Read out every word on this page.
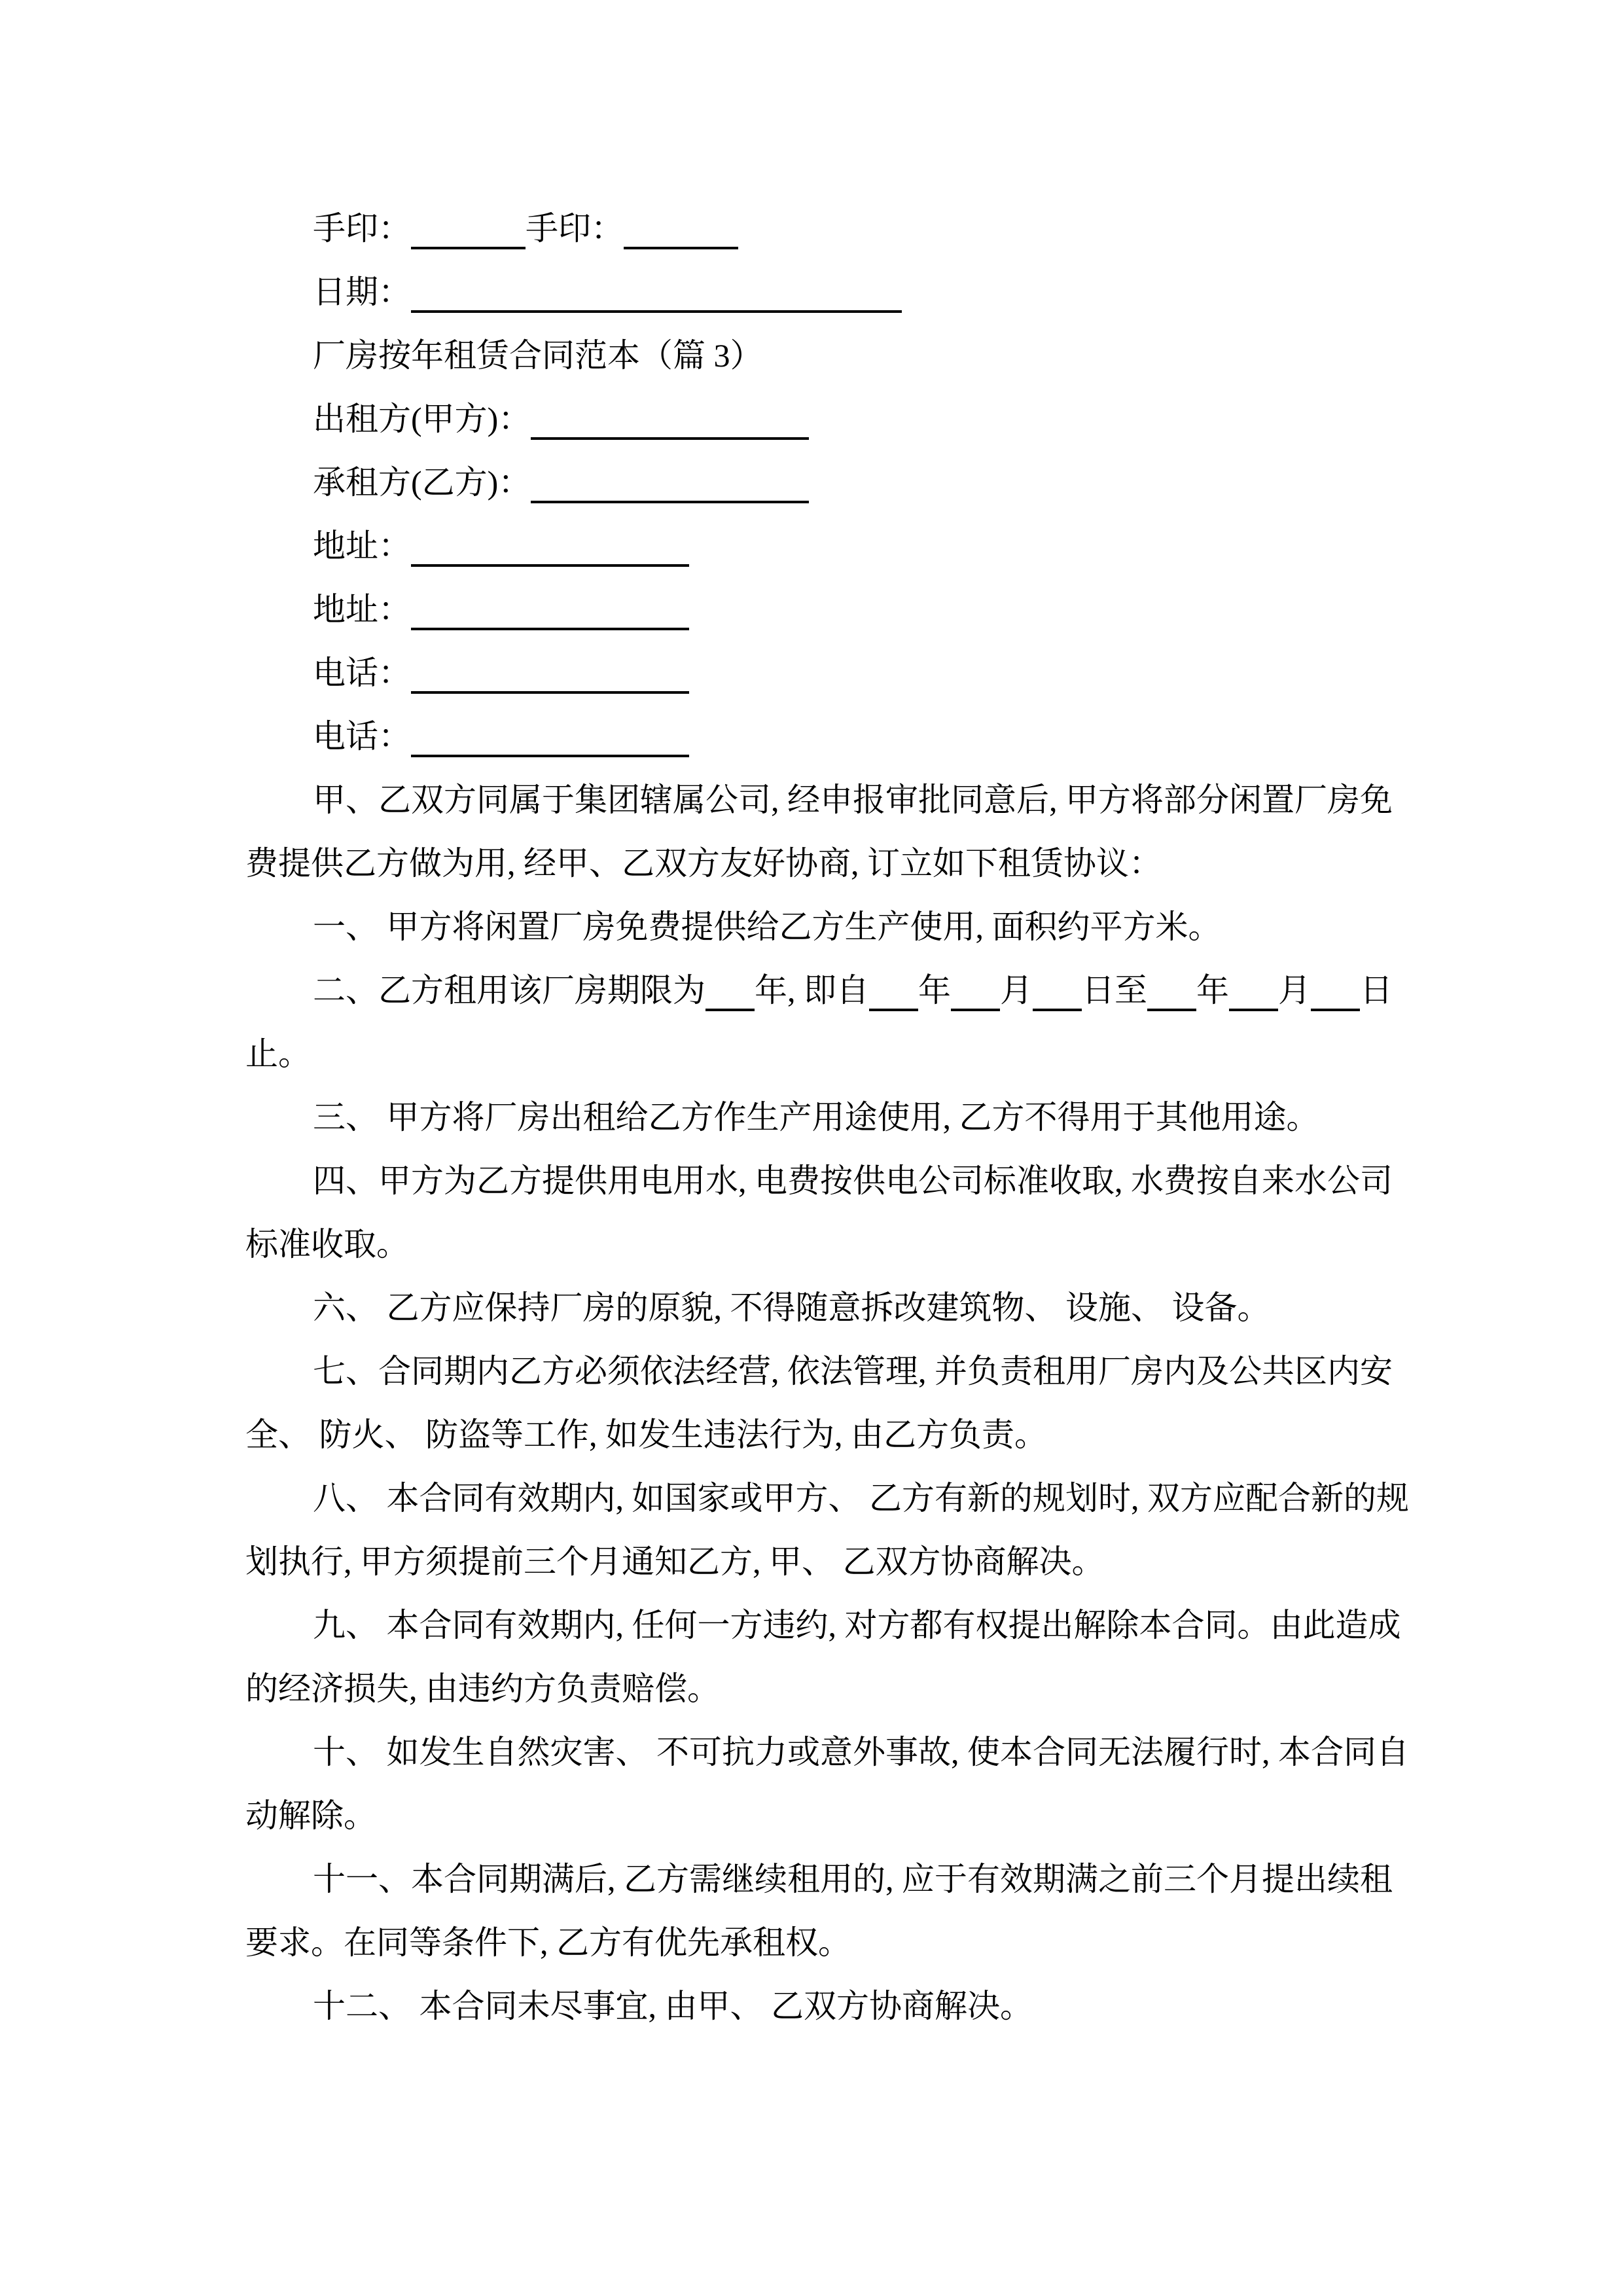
手印：	手印：
日期：
厂房按年租赁合同范本（篇 3）
出租方(甲方)：
承租方(乙方)：
地址：
地址：
电话：
电话：
甲、乙双方同属于集团辖属公司, 经申报审批同意后, 甲方将部分闲置厂房免
费提供乙方做为用, 经甲、乙双方友好协商, 订立如下租赁协议：
一、 甲方将闲置厂房免费提供给乙方生产使用, 面积约平方米。
二、乙方租用该厂房期限为 年, 即自 年 月 日至 年 月 日
止。
三、 甲方将厂房出租给乙方作生产用途使用, 乙方不得用于其他用途。
四、甲方为乙方提供用电用水, 电费按供电公司标准收取, 水费按自来水公司
标准收取。
六、 乙方应保持厂房的原貌, 不得随意拆改建筑物、 设施、 设备。
七、合同期内乙方必须依法经营, 依法管理, 并负责租用厂房内及公共区内安
全、 防火、 防盗等工作, 如发生违法行为, 由乙方负责。
八、 本合同有效期内, 如国家或甲方、 乙方有新的规划时, 双方应配合新的规
划执行, 甲方须提前三个月通知乙方, 甲、 乙双方协商解决。
九、 本合同有效期内, 任何一方违约, 对方都有权提出解除本合同。由此造成
的经济损失, 由违约方负责赔偿。
十、 如发生自然灾害、 不可抗力或意外事故, 使本合同无法履行时, 本合同自
动解除。
十一、本合同期满后, 乙方需继续租用的, 应于有效期满之前三个月提出续租
要求。在同等条件下, 乙方有优先承租权。
十二、 本合同未尽事宜, 由甲、 乙双方协商解决。
